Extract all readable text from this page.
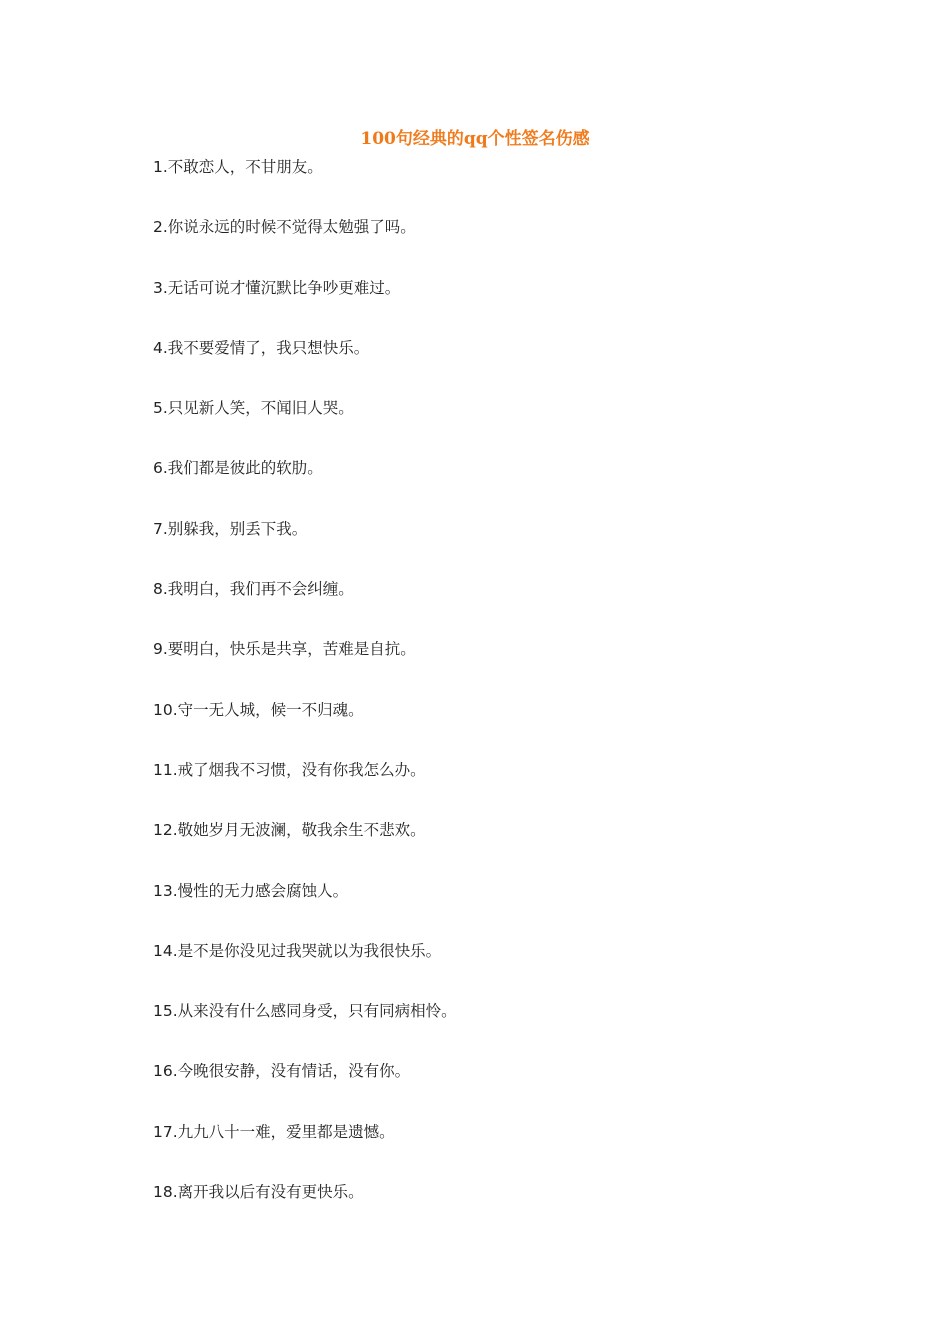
100句经典的qq个性签名伤感
1.不敢恋人，不甘朋友。
2.你说永远的时候不觉得太勉强了吗。
3.无话可说才懂沉默比争吵更难过。
4.我不要爱情了，我只想快乐。
5.只见新人笑，不闻旧人哭。
6.我们都是彼此的软肋。
7.别躲我，别丢下我。
8.我明白，我们再不会纠缠。
9.要明白，快乐是共享，苦难是自抗。
10.守一无人城，候一不归魂。
11.戒了烟我不习惯，没有你我怎么办。
12.敬她岁月无波澜，敬我余生不悲欢。
13.慢性的无力感会腐蚀人。
14.是不是你没见过我哭就以为我很快乐。
15.从来没有什么感同身受，只有同病相怜。
16.今晚很安静，没有情话，没有你。
17.九九八十一难，爱里都是遗憾。
18.离开我以后有没有更快乐。
